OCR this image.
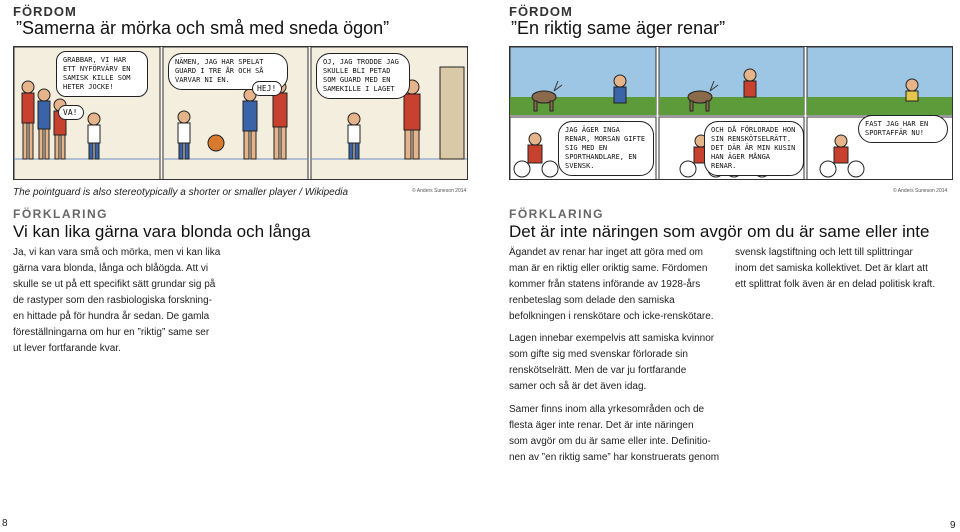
FÖRDOM
”Samerna är mörka och små med sneda ögon”
GRABBAR, VI HAR ETT NYFÖRVÄRV EN SAMISK KILLE SOM HETER JOCKE!
VA!
NÄMEN, JAG HAR SPELAT GUARD I TRE ÅR OCH SÅ VARVAR NI EN.
HEJ!
OJ, JAG TRODDE JAG SKULLE BLI PETAD SOM GUARD MED EN SAMEKILLE I LAGET
The pointguard is also stereotypically a shorter or smaller player / Wikipedia	© Anders Suneson 2014
FÖRKLARING
Vi kan lika gärna vara blonda och långa
Ja, vi kan vara små och mörka, men vi kan lika
gärna vara blonda, långa och blåögda. Att vi
skulle se ut på ett specifikt sätt grundar sig på
de rastyper som den rasbiologiska forskning-
en hittade på för hundra år sedan. De gamla
föreställningarna om hur en ”riktig” same ser
ut lever fortfarande kvar.
8
FÖRDOM
”En riktig same äger renar”
JAG ÄGER INGA RENAR, MORSAN GIFTE SIG MED EN SPORTHANDLARE, EN SVENSK.
OCH DÅ FÖRLORADE HON SIN RENSKÖTSELRÄTT. DET DÄR ÄR MIN KUSIN HAN ÄGER MÅNGA RENAR.
FAST JAG HAR EN SPORTAFFÄR NU!
© Anders Suneson 2014
FÖRKLARING
Det är inte näringen som avgör om du är same eller inte
Ägandet av renar har inget att göra med om
man är en riktig eller oriktig same. Fördomen
kommer från statens införande av 1928-års
renbeteslag som delade den samiska
befolkningen i renskötare och icke-renskötare.
Lagen innebar exempelvis att samiska kvinnor
som gifte sig med svenskar förlorade sin
renskötselrätt. Men de var ju fortfarande
samer och så är det även idag.
Samer finns inom alla yrkesområden och de
flesta äger inte renar. Det är inte näringen
som avgör om du är same eller inte. Definitio-
nen av ”en riktig same” har konstruerats genom
svensk lagstiftning och lett till splittringar
inom det samiska kollektivet. Det är klart att
ett splittrat folk även är en delad politisk kraft.
9
